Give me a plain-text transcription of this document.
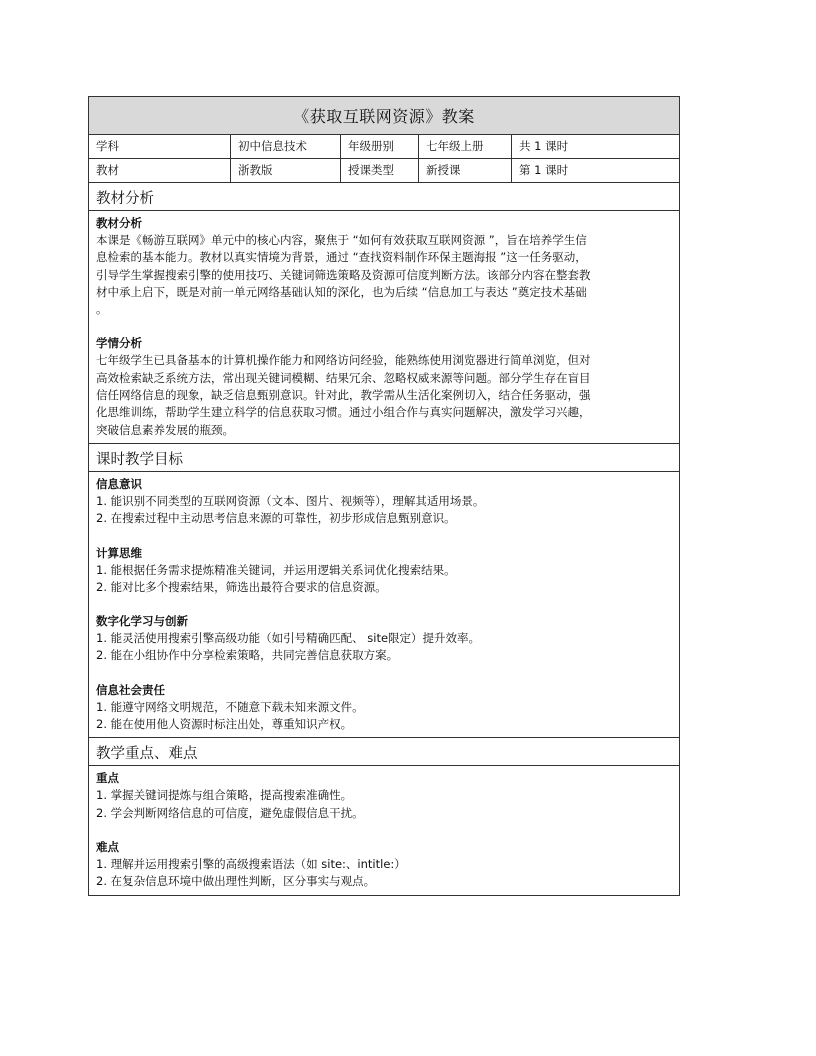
《获取互联网资源》教案
学科	初中信息技术	年级册别	七年级上册	共 1 课时
教材	浙教版	授课类型	新授课	第 1 课时
教材分析
教材分析
本课是《畅游互联网》单元中的核心内容，聚焦于 “如何有效获取互联网资源 ”，旨在培养学生信
息检索的基本能力。教材以真实情境为背景，通过 “查找资料制作环保主题海报 ”这一任务驱动，
引导学生掌握搜索引擎的使用技巧、关键词筛选策略及资源可信度判断方法。该部分内容在整套教
材中承上启下，既是对前一单元网络基础认知的深化，也为后续 “信息加工与表达 ”奠定技术基础
。
学情分析
七年级学生已具备基本的计算机操作能力和网络访问经验，能熟练使用浏览器进行简单浏览，但对
高效检索缺乏系统方法，常出现关键词模糊、结果冗余、忽略权威来源等问题。部分学生存在盲目
信任网络信息的现象，缺乏信息甄别意识。针对此，教学需从生活化案例切入，结合任务驱动，强
化思维训练，帮助学生建立科学的信息获取习惯。通过小组合作与真实问题解决，激发学习兴趣，
突破信息素养发展的瓶颈。
课时教学目标
信息意识
1. 能识别不同类型的互联网资源（文本、图片、视频等），理解其适用场景。
2. 在搜索过程中主动思考信息来源的可靠性，初步形成信息甄别意识。
计算思维
1. 能根据任务需求提炼精准关键词，并运用逻辑关系词优化搜索结果。
2. 能对比多个搜索结果，筛选出最符合要求的信息资源。
数字化学习与创新
1. 能灵活使用搜索引擎高级功能（如引号精确匹配、 site限定）提升效率。
2. 能在小组协作中分享检索策略，共同完善信息获取方案。
信息社会责任
1. 能遵守网络文明规范，不随意下载未知来源文件。
2. 能在使用他人资源时标注出处，尊重知识产权。
教学重点、难点
重点
1. 掌握关键词提炼与组合策略，提高搜索准确性。
2. 学会判断网络信息的可信度，避免虚假信息干扰。
难点
1. 理解并运用搜索引擎的高级搜索语法（如 site:、intitle:）
2. 在复杂信息环境中做出理性判断，区分事实与观点。
